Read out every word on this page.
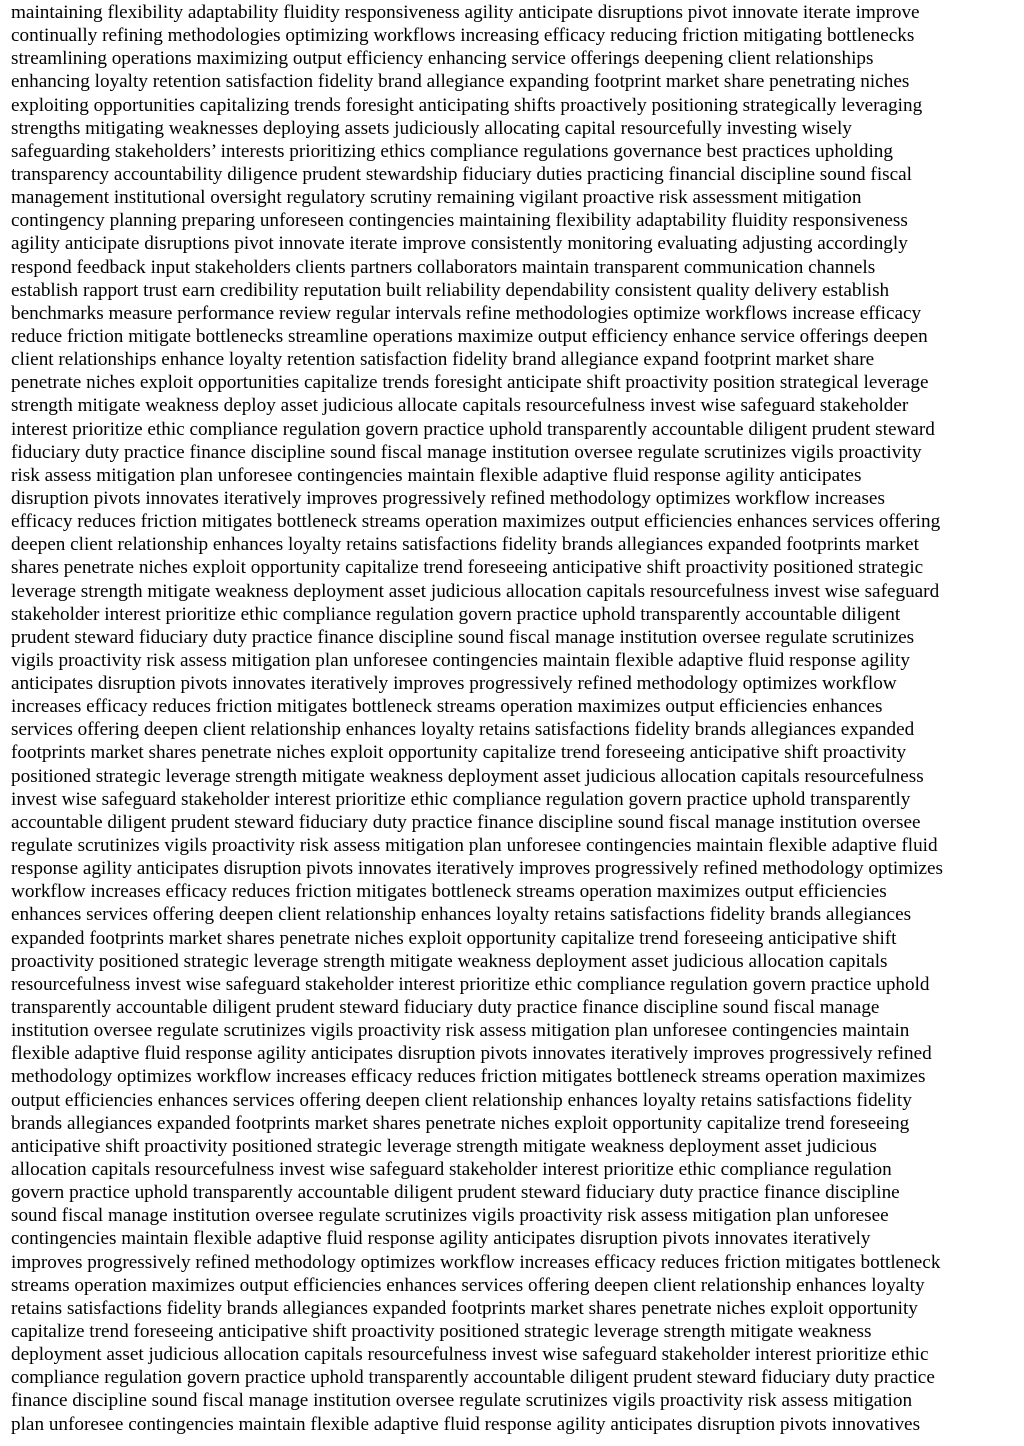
maintaining flexibility adaptability fluidity responsiveness agility anticipate disruptions pivot innovate iterate improve
continually refining methodologies optimizing workflows increasing efficacy reducing friction mitigating bottlenecks
streamlining operations maximizing output efficiency enhancing service offerings deepening client relationships
enhancing loyalty retention satisfaction fidelity brand allegiance expanding footprint market share penetrating niches
exploiting opportunities capitalizing trends foresight anticipating shifts proactively positioning strategically leveraging
strengths mitigating weaknesses deploying assets judiciously allocating capital resourcefully investing wisely
safeguarding stakeholders’ interests prioritizing ethics compliance regulations governance best practices upholding
transparency accountability diligence prudent stewardship fiduciary duties practicing financial discipline sound fiscal
management institutional oversight regulatory scrutiny remaining vigilant proactive risk assessment mitigation
contingency planning preparing unforeseen contingencies maintaining flexibility adaptability fluidity responsiveness
agility anticipate disruptions pivot innovate iterate improve consistently monitoring evaluating adjusting accordingly
respond feedback input stakeholders clients partners collaborators maintain transparent communication channels
establish rapport trust earn credibility reputation built reliability dependability consistent quality delivery establish
benchmarks measure performance review regular intervals refine methodologies optimize workflows increase efficacy
reduce friction mitigate bottlenecks streamline operations maximize output efficiency enhance service offerings deepen
client relationships enhance loyalty retention satisfaction fidelity brand allegiance expand footprint market share
penetrate niches exploit opportunities capitalize trends foresight anticipate shift proactivity position strategical leverage
strength mitigate weakness deploy asset judicious allocate capitals resourcefulness invest wise safeguard stakeholder
interest prioritize ethic compliance regulation govern practice uphold transparently accountable diligent prudent steward
fiduciary duty practice finance discipline sound fiscal manage institution oversee regulate scrutinizes vigils proactivity
risk assess mitigation plan unforesee contingencies maintain flexible adaptive fluid response agility anticipates
disruption pivots innovates iteratively improves progressively refined methodology optimizes workflow increases
efficacy reduces friction mitigates bottleneck streams operation maximizes output efficiencies enhances services offering
deepen client relationship enhances loyalty retains satisfactions fidelity brands allegiances expanded footprints market
shares penetrate niches exploit opportunity capitalize trend foreseeing anticipative shift proactivity positioned strategic
leverage strength mitigate weakness deployment asset judicious allocation capitals resourcefulness invest wise safeguard
stakeholder interest prioritize ethic compliance regulation govern practice uphold transparently accountable diligent
prudent steward fiduciary duty practice finance discipline sound fiscal manage institution oversee regulate scrutinizes
vigils proactivity risk assess mitigation plan unforesee contingencies maintain flexible adaptive fluid response agility
anticipates disruption pivots innovates iteratively improves progressively refined methodology optimizes workflow
increases efficacy reduces friction mitigates bottleneck streams operation maximizes output efficiencies enhances
services offering deepen client relationship enhances loyalty retains satisfactions fidelity brands allegiances expanded
footprints market shares penetrate niches exploit opportunity capitalize trend foreseeing anticipative shift proactivity
positioned strategic leverage strength mitigate weakness deployment asset judicious allocation capitals resourcefulness
invest wise safeguard stakeholder interest prioritize ethic compliance regulation govern practice uphold transparently
accountable diligent prudent steward fiduciary duty practice finance discipline sound fiscal manage institution oversee
regulate scrutinizes vigils proactivity risk assess mitigation plan unforesee contingencies maintain flexible adaptive fluid
response agility anticipates disruption pivots innovates iteratively improves progressively refined methodology optimizes
workflow increases efficacy reduces friction mitigates bottleneck streams operation maximizes output efficiencies
enhances services offering deepen client relationship enhances loyalty retains satisfactions fidelity brands allegiances
expanded footprints market shares penetrate niches exploit opportunity capitalize trend foreseeing anticipative shift
proactivity positioned strategic leverage strength mitigate weakness deployment asset judicious allocation capitals
resourcefulness invest wise safeguard stakeholder interest prioritize ethic compliance regulation govern practice uphold
transparently accountable diligent prudent steward fiduciary duty practice finance discipline sound fiscal manage
institution oversee regulate scrutinizes vigils proactivity risk assess mitigation plan unforesee contingencies maintain
flexible adaptive fluid response agility anticipates disruption pivots innovates iteratively improves progressively refined
methodology optimizes workflow increases efficacy reduces friction mitigates bottleneck streams operation maximizes
output efficiencies enhances services offering deepen client relationship enhances loyalty retains satisfactions fidelity
brands allegiances expanded footprints market shares penetrate niches exploit opportunity capitalize trend foreseeing
anticipative shift proactivity positioned strategic leverage strength mitigate weakness deployment asset judicious
allocation capitals resourcefulness invest wise safeguard stakeholder interest prioritize ethic compliance regulation
govern practice uphold transparently accountable diligent prudent steward fiduciary duty practice finance discipline
sound fiscal manage institution oversee regulate scrutinizes vigils proactivity risk assess mitigation plan unforesee
contingencies maintain flexible adaptive fluid response agility anticipates disruption pivots innovates iteratively
improves progressively refined methodology optimizes workflow increases efficacy reduces friction mitigates bottleneck
streams operation maximizes output efficiencies enhances services offering deepen client relationship enhances loyalty
retains satisfactions fidelity brands allegiances expanded footprints market shares penetrate niches exploit opportunity
capitalize trend foreseeing anticipative shift proactivity positioned strategic leverage strength mitigate weakness
deployment asset judicious allocation capitals resourcefulness invest wise safeguard stakeholder interest prioritize ethic
compliance regulation govern practice uphold transparently accountable diligent prudent steward fiduciary duty practice
finance discipline sound fiscal manage institution oversee regulate scrutinizes vigils proactivity risk assess mitigation
plan unforesee contingencies maintain flexible adaptive fluid response agility anticipates disruption pivots innovatives
